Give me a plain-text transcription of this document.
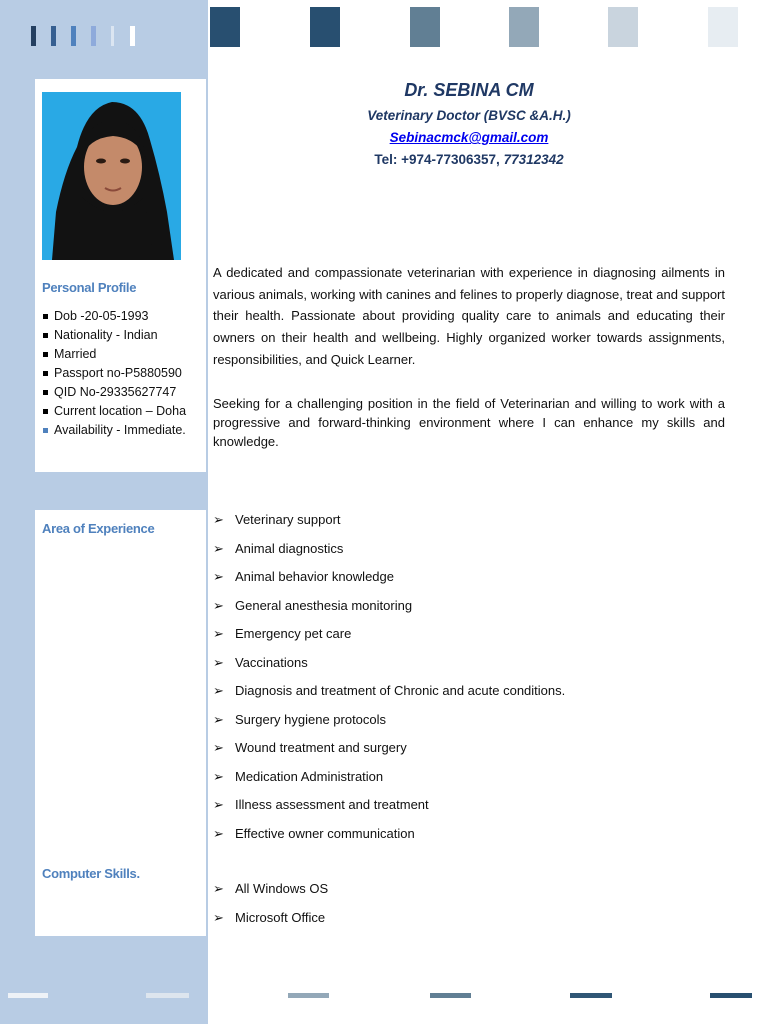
Personal Profile
Dob -20-05-1993
Nationality - Indian
Married
Passport no-P5880590
QID No-29335627747
Current location – Doha
Availability - Immediate.
Area of Experience
Computer Skills.
Dr. SEBINA CM
Veterinary Doctor (BVSC &A.H.)
Sebinacmck@gmail.com
Tel: +974-77306357, 77312342

A dedicated and compassionate veterinarian with experience in diagnosing ailments in various animals, working with canines and felines to properly diagnose, treat and support their health. Passionate about providing quality care to animals and educating their owners on their health and wellbeing. Highly organized worker towards assignments, responsibilities, and Quick Learner.

Seeking for a challenging position in the field of Veterinarian and willing to work with a progressive and forward-thinking environment where I can enhance my skills and knowledge.

➢ Veterinary support
➢ Animal diagnostics
➢ Animal behavior knowledge
➢ General anesthesia monitoring
➢ Emergency pet care
➢ Vaccinations
➢ Diagnosis and treatment of Chronic and acute conditions.
➢ Surgery hygiene protocols
➢ Wound treatment and surgery
➢ Medication Administration
➢ Illness assessment and treatment
➢ Effective owner communication
➢ All Windows OS
➢ Microsoft Office
